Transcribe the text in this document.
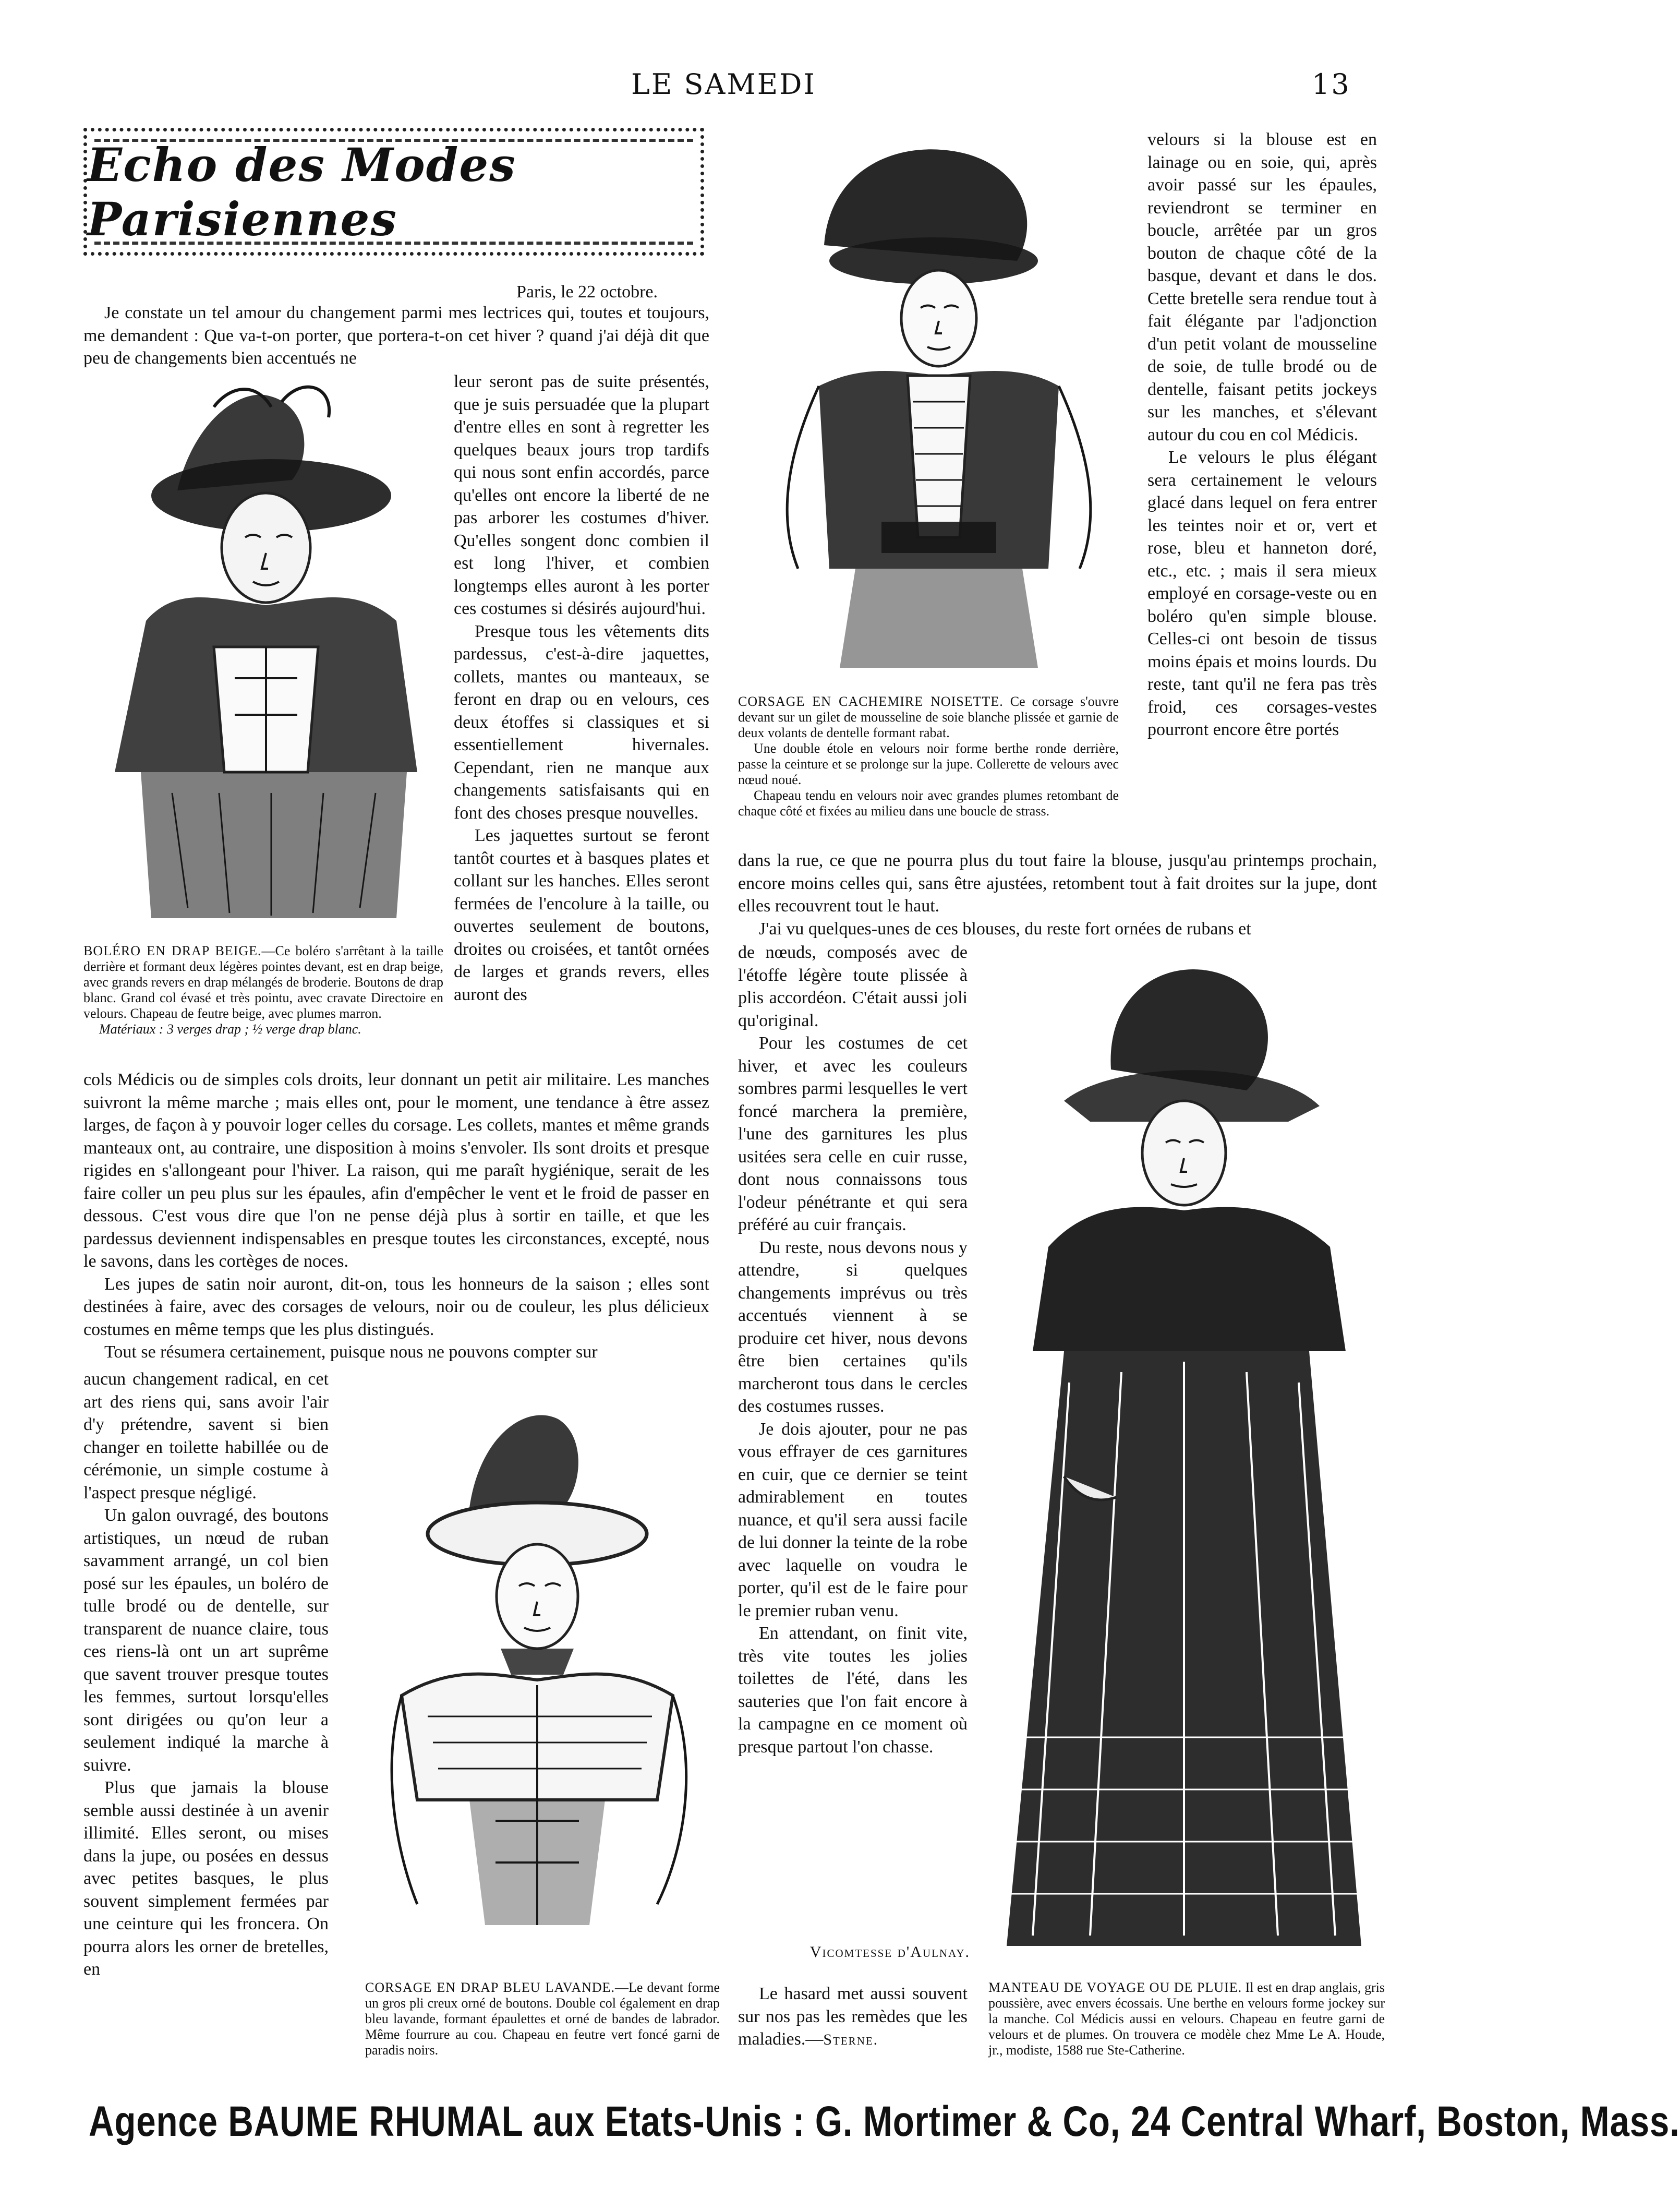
LE SAMEDI	13
Echo des Modes Parisiennes
Paris, le 22 octobre.

Je constate un tel amour du changement parmi mes lectrices qui, toutes et toujours, me demandent : Que va-t-on porter, que portera-t-on cet hiver ? quand j'ai déjà dit que peu de changements bien accentués ne

leur seront pas de suite présentés, que je suis persuadée que la plupart d'entre elles en sont à regretter les quelques beaux jours trop tardifs qui nous sont enfin accordés, parce qu'elles ont encore la liberté de ne pas arborer les costumes d'hiver. Qu'elles songent donc combien il est long l'hiver, et combien longtemps elles auront à les porter ces costumes si désirés aujourd'hui.

Presque tous les vêtements dits pardessus, c'est-à-dire jaquettes, collets, mantes ou manteaux, se feront en drap ou en velours, ces deux étoffes si classiques et si essentiellement hivernales. Cependant, rien ne manque aux changements satisfaisants qui en font des choses presque nouvelles.

Les jaquettes surtout se feront tantôt courtes et à basques plates et collant sur les hanches. Elles seront fermées de l'encolure à la taille, ou ouvertes seulement de boutons, droites ou croisées, et tantôt ornées de larges et grands revers, elles auront des

BOLÉRO EN DRAP BEIGE.—Ce boléro s'arrêtant à la taille derrière et formant deux légères pointes devant, est en drap beige, avec grands revers en drap mélangés de broderie. Boutons de drap blanc. Grand col évasé et très pointu, avec cravate Directoire en velours. Chapeau de feutre beige, avec plumes marron.
Matériaux : 3 verges drap ; ½ verge drap blanc.

cols Médicis ou de simples cols droits, leur donnant un petit air militaire. Les manches suivront la même marche ; mais elles ont, pour le moment, une tendance à être assez larges, de façon à y pouvoir loger celles du corsage. Les collets, mantes et même grands manteaux ont, au contraire, une disposition à moins s'envoler. Ils sont droits et presque rigides en s'allongeant pour l'hiver. La raison, qui me paraît hygiénique, serait de les faire coller un peu plus sur les épaules, afin d'empêcher le vent et le froid de passer en dessous. C'est vous dire que l'on ne pense déjà plus à sortir en taille, et que les pardessus deviennent indispensables en presque toutes les circonstances, excepté, nous le savons, dans les cortèges de noces.

Les jupes de satin noir auront, dit-on, tous les honneurs de la saison ; elles sont destinées à faire, avec des corsages de velours, noir ou de couleur, les plus délicieux costumes en même temps que les plus distingués.

Tout se résumera certainement, puisque nous ne pouvons compter sur

aucun changement radical, en cet art des riens qui, sans avoir l'air d'y prétendre, savent si bien changer en toilette habillée ou de cérémonie, un simple costume à l'aspect presque négligé.

Un galon ouvragé, des boutons artistiques, un nœud de ruban savamment arrangé, un col bien posé sur les épaules, un boléro de tulle brodé ou de dentelle, sur transparent de nuance claire, tous ces riens-là ont un art suprême que savent trouver presque toutes les femmes, surtout lorsqu'elles sont dirigées ou qu'on leur a seulement indiqué la marche à suivre.

Plus que jamais la blouse semble aussi destinée à un avenir illimité. Elles seront, ou mises dans la jupe, ou posées en dessus avec petites basques, le plus souvent simplement fermées par une ceinture qui les froncera. On pourra alors les orner de bretelles, en

CORSAGE EN DRAP BLEU LAVANDE.—Le devant forme un gros pli creux orné de boutons. Double col également en drap bleu lavande, formant épaulettes et orné de bandes de labrador. Même fourrure au cou. Chapeau en feutre vert foncé garni de paradis noirs.
CORSAGE EN CACHEMIRE NOISETTE. Ce corsage s'ouvre devant sur un gilet de mousseline de soie blanche plissée et garnie de deux volants de dentelle formant rabat.
Une double étole en velours noir forme berthe ronde derrière, passe la ceinture et se prolonge sur la jupe. Collerette de velours avec nœud noué.
Chapeau tendu en velours noir avec grandes plumes retombant de chaque côté et fixées au milieu dans une boucle de strass.

velours si la blouse est en lainage ou en soie, qui, après avoir passé sur les épaules, reviendront se terminer en boucle, arrêtée par un gros bouton de chaque côté de la basque, devant et dans le dos. Cette bretelle sera rendue tout à fait élégante par l'adjonction d'un petit volant de mousseline de soie, de tulle brodé ou de dentelle, faisant petits jockeys sur les manches, et s'élevant autour du cou en col Médicis.

Le velours le plus élégant sera certainement le velours glacé dans lequel on fera entrer les teintes noir et or, vert et rose, bleu et hanneton doré, etc., etc. ; mais il sera mieux employé en corsage-veste ou en boléro qu'en simple blouse. Celles-ci ont besoin de tissus moins épais et moins lourds. Du reste, tant qu'il ne fera pas très froid, ces corsages-vestes pourront encore être portés

dans la rue, ce que ne pourra plus du tout faire la blouse, jusqu'au printemps prochain, encore moins celles qui, sans être ajustées, retombent tout à fait droites sur la jupe, dont elles recouvrent tout le haut.

J'ai vu quelques-unes de ces blouses, du reste fort ornées de rubans et

de nœuds, composés avec de l'étoffe légère toute plissée à plis accordéon. C'était aussi joli qu'original.

Pour les costumes de cet hiver, et avec les couleurs sombres parmi lesquelles le vert foncé marchera la première, l'une des garnitures les plus usitées sera celle en cuir russe, dont nous connaissons tous l'odeur pénétrante et qui sera préféré au cuir français.

Du reste, nous devons nous y attendre, si quelques changements imprévus ou très accentués viennent à se produire cet hiver, nous devons être bien certaines qu'ils marcheront tous dans le cercles des costumes russes.

Je dois ajouter, pour ne pas vous effrayer de ces garnitures en cuir, que ce dernier se teint admirablement en toutes nuance, et qu'il sera aussi facile de lui donner la teinte de la robe avec laquelle on voudra le porter, qu'il est de le faire pour le premier ruban venu.

En attendant, on finit vite, très vite toutes les jolies toilettes de l'été, dans les sauteries que l'on fait encore à la campagne en ce moment où presque partout l'on chasse.

Vicomtesse d'Aulnay.

Le hasard met aussi souvent sur nos pas les remèdes que les maladies.—Sterne.

MANTEAU DE VOYAGE OU DE PLUIE. Il est en drap anglais, gris poussière, avec envers écossais. Une berthe en velours forme jockey sur la manche. Col Médicis aussi en velours. Chapeau en feutre garni de velours et de plumes. On trouvera ce modèle chez Mme Le A. Houde, jr., modiste, 1588 rue Ste-Catherine.
Agence BAUME RHUMAL aux Etats-Unis : G. Mortimer & Co, 24 Central Wharf, Boston, Mass.
